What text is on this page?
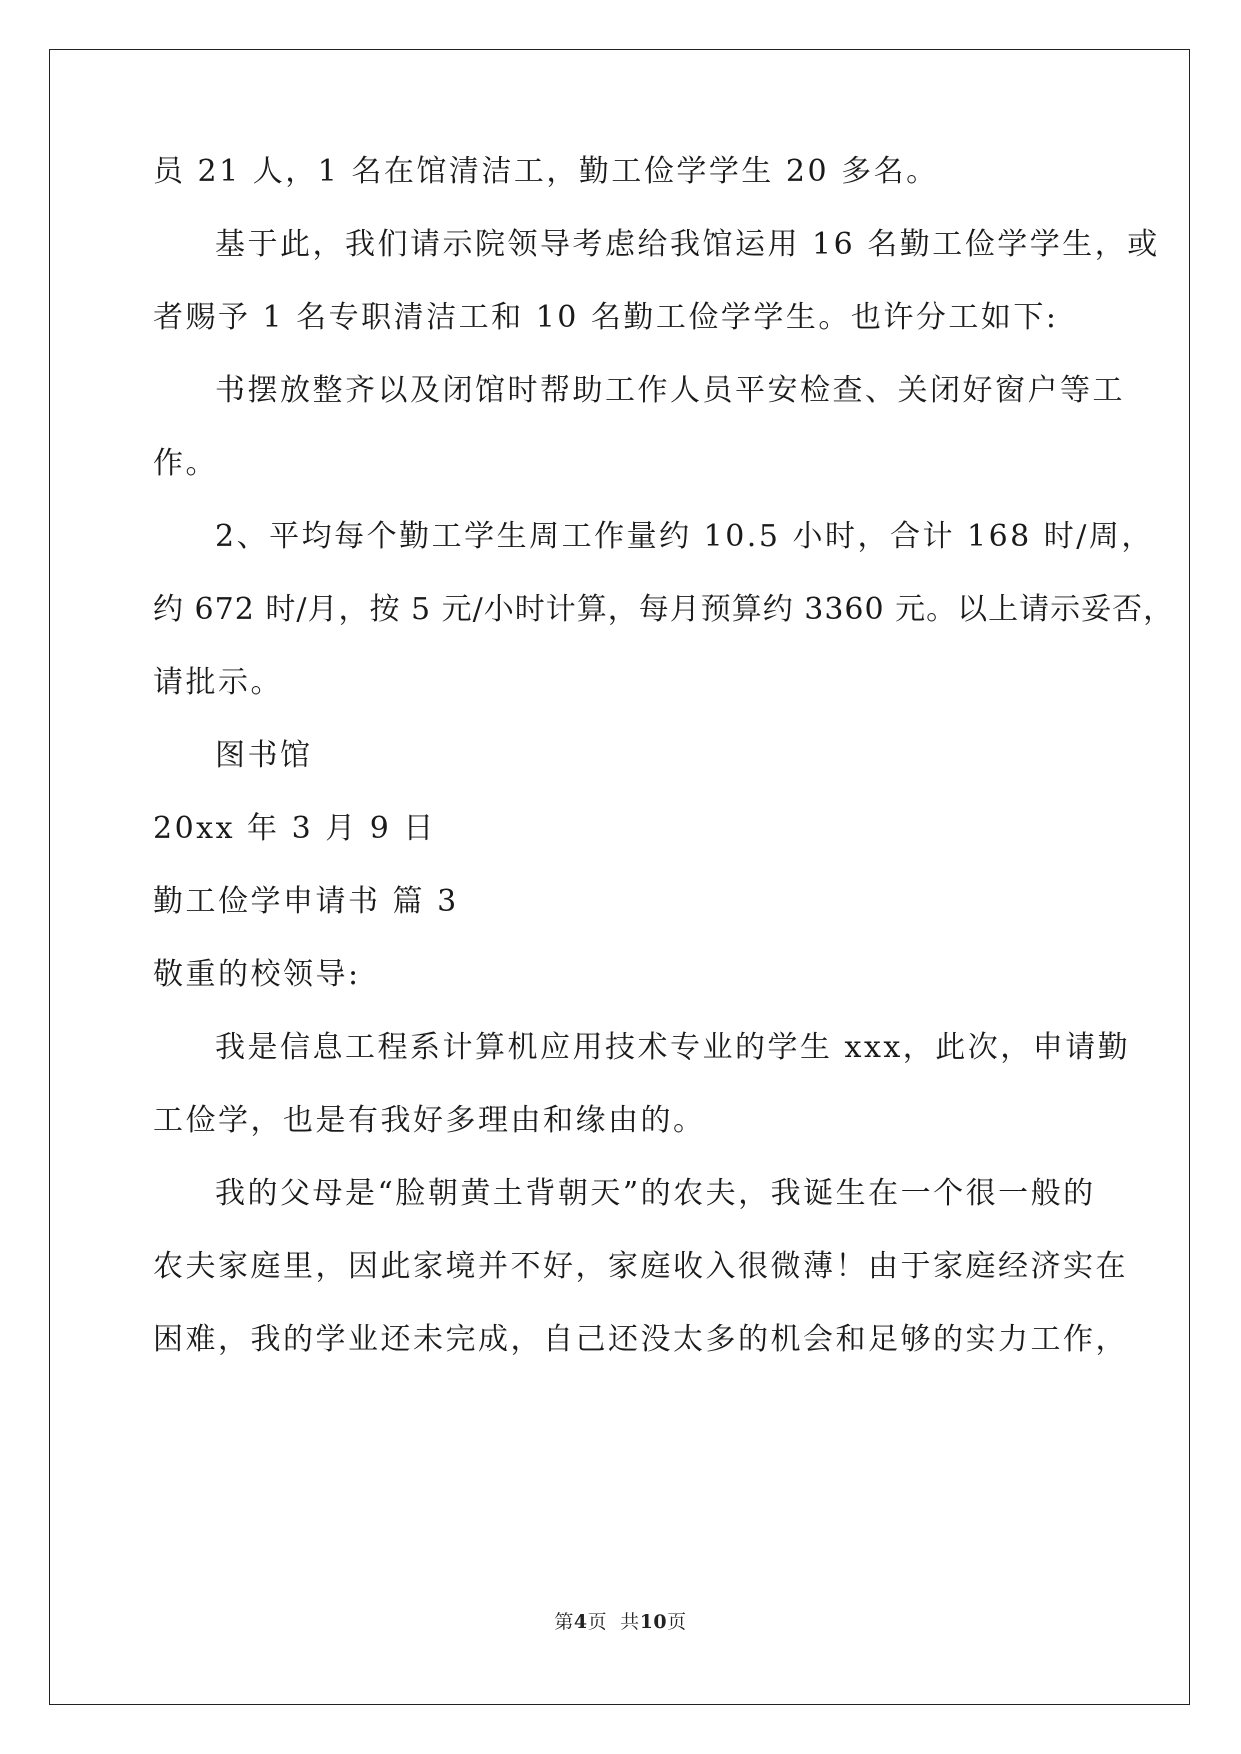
员 21 人，1 名在馆清洁工，勤工俭学学生 20 多名。
基于此，我们请示院领导考虑给我馆运用 16 名勤工俭学学生，或
者赐予 1 名专职清洁工和 10 名勤工俭学学生。也许分工如下:
书摆放整齐以及闭馆时帮助工作人员平安检查、关闭好窗户等工
作。
2、平均每个勤工学生周工作量约 10.5 小时，合计 168 时/周，
约 672 时/月，按 5 元/小时计算，每月预算约 3360 元。以上请示妥否，
请批示。
图书馆
20xx 年 3 月 9 日
勤工俭学申请书 篇 3
敬重的校领导:
我是信息工程系计算机应用技术专业的学生 xxx，此次，申请勤
工俭学，也是有我好多理由和缘由的。
我的父母是“脸朝黄土背朝天”的农夫，我诞生在一个很一般的
农夫家庭里，因此家境并不好，家庭收入很微薄！由于家庭经济实在
困难，我的学业还未完成，自己还没太多的机会和足够的实力工作，
第4页  共10页
